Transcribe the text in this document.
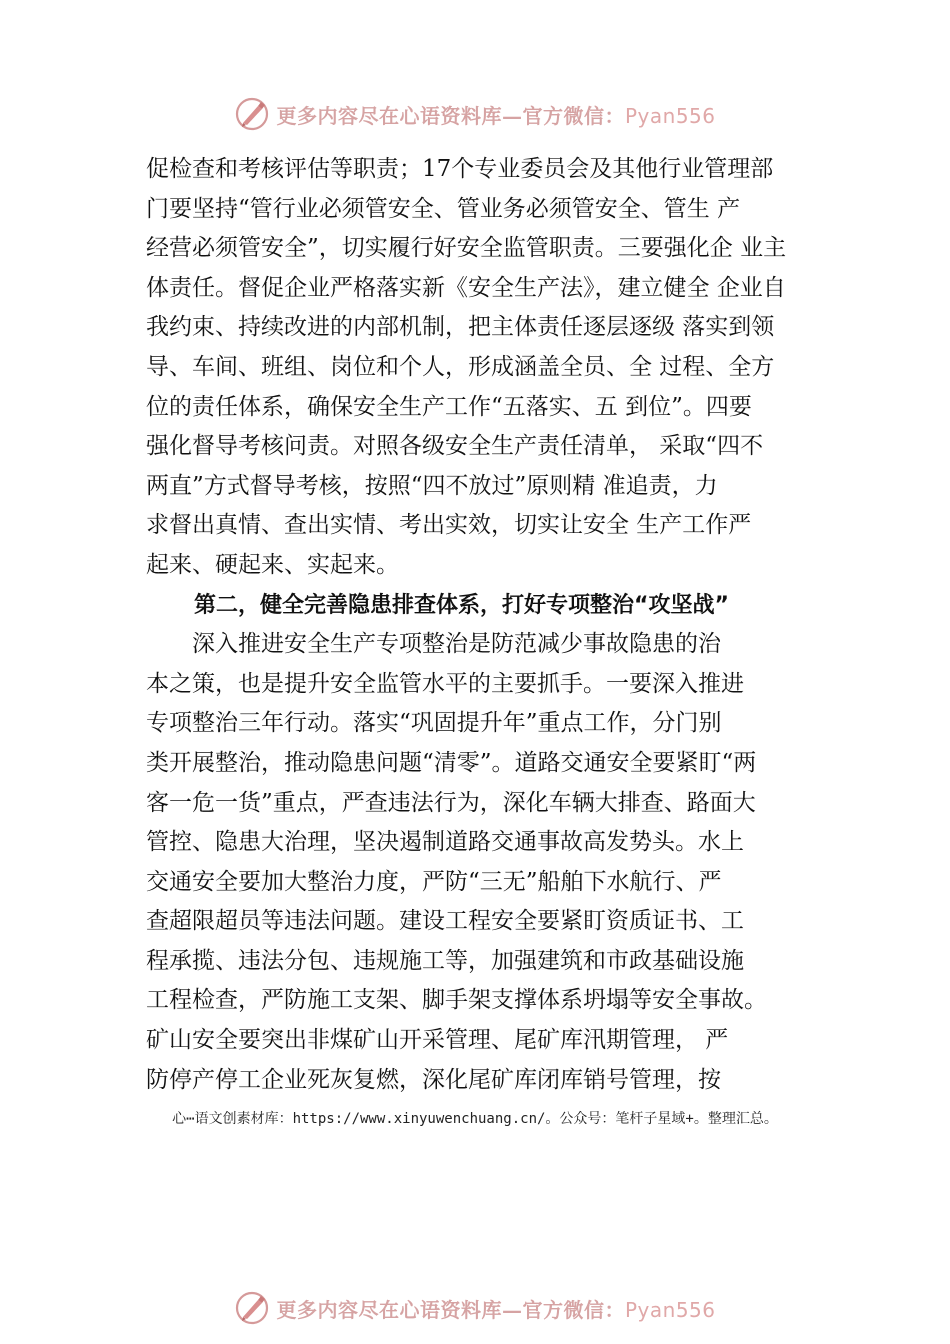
更多内容尽在心语资料库—官方微信：Pyan556

促检查和考核评估等职责；17个专业委员会及其他行业管理部
门要坚持“管行业必须管安全、管业务必须管安全、管生 产
经营必须管安全”，切实履行好安全监管职责。三要强化企 业主
体责任。督促企业严格落实新《安全生产法》，建立健全 企业自
我约束、持续改进的内部机制，把主体责任逐层逐级 落实到领
导、车间、班组、岗位和个人，形成涵盖全员、全 过程、全方
位的责任体系，确保安全生产工作“五落实、五 到位”。四要
强化督导考核问责。对照各级安全生产责任清单， 采取“四不
两直”方式督导考核，按照“四不放过”原则精 准追责，力
求督出真情、查出实情、考出实效，切实让安全 生产工作严
起来、硬起来、实起来。

第二，健全完善隐患排查体系，打好专项整治“攻坚战”

　　深入推进安全生产专项整治是防范减少事故隐患的治
本之策，也是提升安全监管水平的主要抓手。一要深入推进
专项整治三年行动。落实“巩固提升年”重点工作，分门别
类开展整治，推动隐患问题“清零”。道路交通安全要紧盯“两
客一危一货”重点，严查违法行为，深化车辆大排查、路面大
管控、隐患大治理，坚决遏制道路交通事故高发势头。水上
交通安全要加大整治力度，严防“三无”船舶下水航行、严
查超限超员等违法问题。建设工程安全要紧盯资质证书、工
程承揽、违法分包、违规施工等，加强建筑和市政基础设施
工程检查，严防施工支架、脚手架支撑体系坍塌等安全事故。
矿山安全要突出非煤矿山开采管理、尾矿库汛期管理， 严
防停产停工企业死灰复燃，深化尾矿库闭库销号管理，按

心⋯语文创素材库：https://www.xinyuwenchuang.cn/。公众号：笔杆子星域+。整理汇总。
更多内容尽在心语资料库—官方微信：Pyan556
